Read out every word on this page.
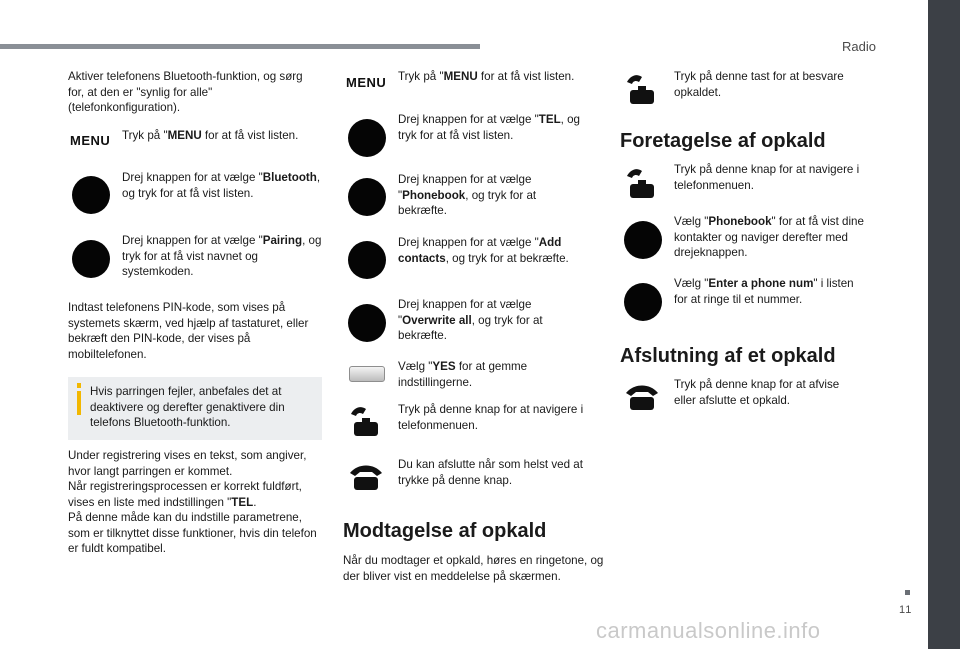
Radio
Aktiver telefonens Bluetooth-funktion, og sørg for, at den er "synlig for alle" (telefonkonfiguration).
MENU Tryk på "MENU for at få vist listen.
Drej knappen for at vælge "Bluetooth, og tryk for at få vist listen.
Drej knappen for at vælge "Pairing, og tryk for at få vist navnet og systemkoden.
Indtast telefonens PIN-kode, som vises på systemets skærm, ved hjælp af tastaturet, eller bekræft den PIN-kode, der vises på mobiltelefonen.
Hvis parringen fejler, anbefales det at deaktivere og derefter genaktivere din telefons Bluetooth-funktion.
Under registrering vises en tekst, som angiver, hvor langt parringen er kommet.
Når registreringsprocessen er korrekt fuldført, vises en liste med indstillingen "TEL.
På denne måde kan du indstille parametrene, som er tilknyttet disse funktioner, hvis din telefon er fuldt kompatibel.
MENU Tryk på "MENU for at få vist listen.
Drej knappen for at vælge "TEL, og tryk for at få vist listen.
Drej knappen for at vælge "Phonebook, og tryk for at bekræfte.
Drej knappen for at vælge "Add contacts, og tryk for at bekræfte.
Drej knappen for at vælge "Overwrite all, og tryk for at bekræfte.
Vælg "YES for at gemme indstillingerne.
Tryk på denne knap for at navigere i telefonmenuen.
Du kan afslutte når som helst ved at trykke på denne knap.
Modtagelse af opkald
Når du modtager et opkald, høres en ringetone, og der bliver vist en meddelelse på skærmen.
Tryk på denne tast for at besvare opkaldet.
Foretagelse af opkald
Tryk på denne knap for at navigere i telefonmenuen.
Vælg "Phonebook" for at få vist dine kontakter og naviger derefter med drejeknappen.
Vælg "Enter a phone num" i listen for at ringe til et nummer.
Afslutning af et opkald
Tryk på denne knap for at afvise eller afslutte et opkald.
11
carmanualsonline.info
